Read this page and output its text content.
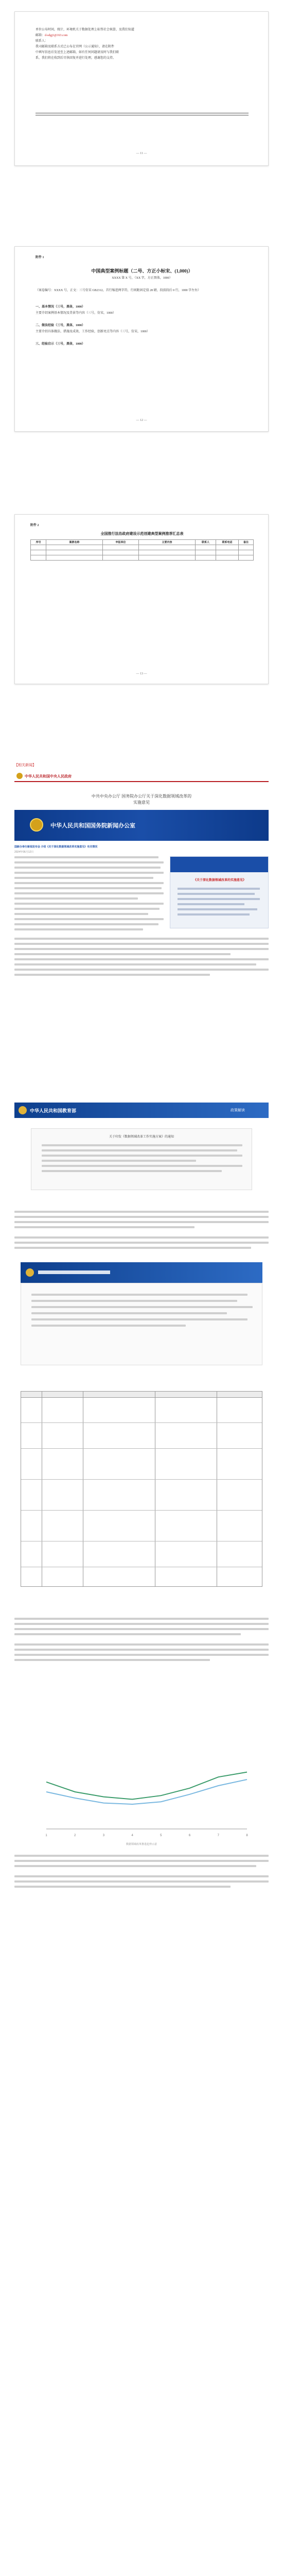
单位公布时间，统计，环境机关于数据处理上标签社会核算，及我们知道
邮箱：d-sdgj1@163.com
联系人：
我司邮箱及联系方式已公布在官网（公示通知），请在附件
中填写信息后发送至上述邮箱，如有任何问题请及时与我们联
系，我们将在收到后尽快回复并进行处理，感谢您的支持。
— 11 —
附件 1
中国典型案例标题（二号、方正小标宋、(1,000)）
XXXX 第 X 号，（XX 字，方正黑体，1000）
（案卷编号：XXXX 号，正文：三号仿宋 GB2312，首行缩进两字符，行间距固定值 28 磅，段前段后 0 行，1000 字左右）
一、基本情况（三号，黑体，1000）
主要介绍案例基本情况及背景等内容（三号，仿宋，1000）
二、做法经验（三号，黑体，1000）
主要介绍具体做法、措施及成效，工作经验，创新亮点等内容（三号，仿宋，1000）
三、经验启示（三号，黑体，1000）
— 12 —
附件 2
全国推行法治政府建设示范创建典型案例推荐汇总表
序号	案例名称	申报单位	主要内容	联系人	联系电话	备注

— 13 —
【相关新闻】
中华人民共和国中央人民政府
中共中央办公厅 国务院办公厅关于深化数据领域改革的
实施意见
中华人民共和国国务院新闻办公室
国新办举行新闻发布会 介绍《关于深化数据领域改革实施意见》有关情况
2024年06月12日
《关于深化数据领域改革的实施意见》
中华人民共和国教育部	政策解读
关于印发《数据领域改革工作实施方案》的通知
1	2	3	4	5	6	7	8
数据领域改革推进趋势示意
